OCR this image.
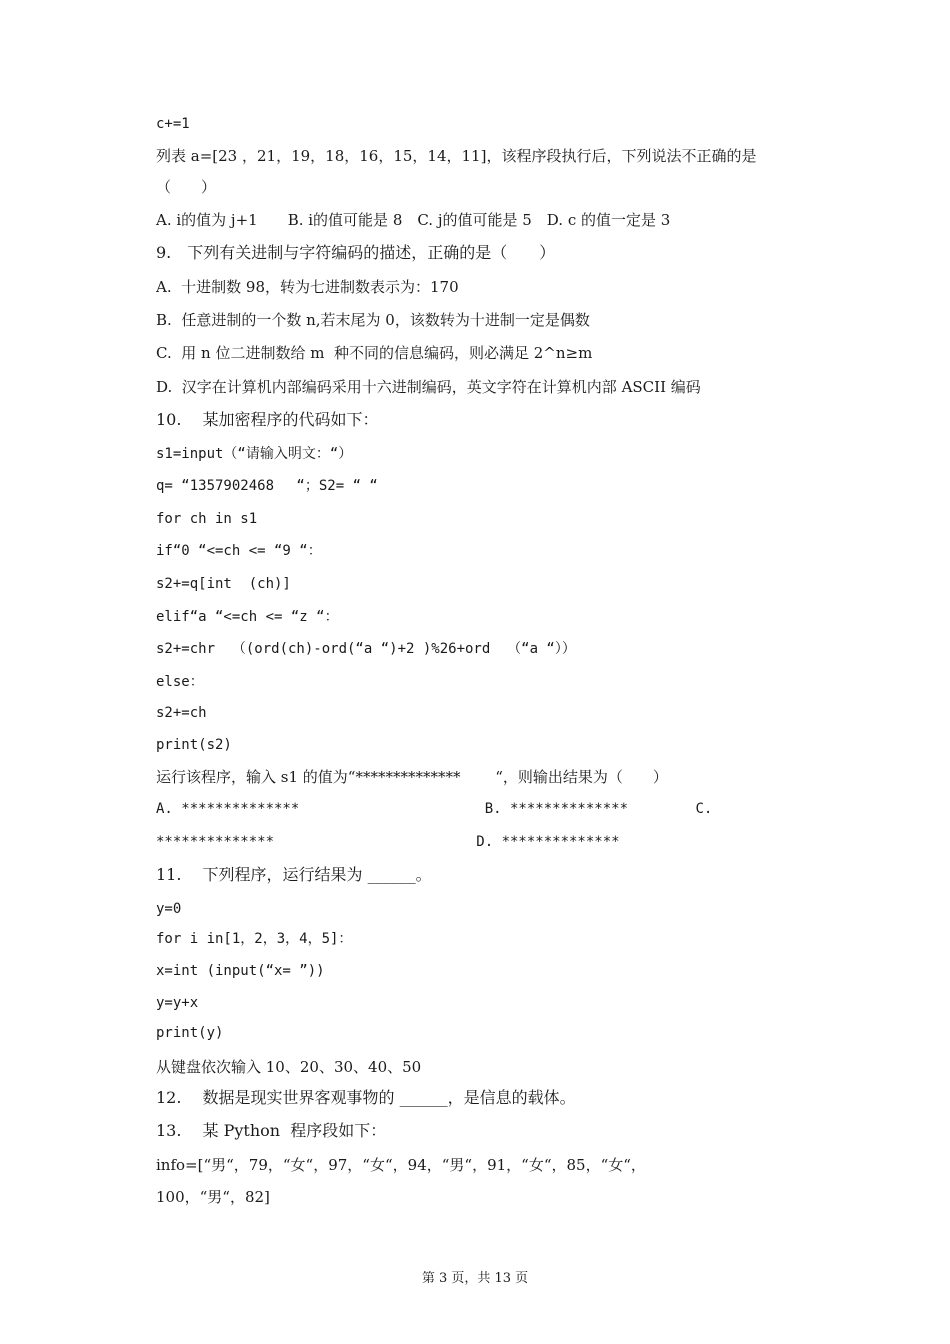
c+=1
列表 a=[23 ，21，19，18，16，15，14，11]，该程序段执行后，下列说法不正确的是
（　　）
A. i的值为 j+1　　B. i的值可能是 8　C. j的值可能是 5　D. c 的值一定是 3
9.　下列有关进制与字符编码的描述，正确的是（　　）
A.  十进制数 98，转为七进制数表示为：170
B.  任意进制的一个数 n,若末尾为 0，该数转为十进制一定是偶数
C.  用 n 位二进制数给 m  种不同的信息编码，则必满足 2^n≥m
D.  汉字在计算机内部编码采用十六进制编码，英文字符在计算机内部 ASCII 编码
10.　 某加密程序的代码如下：
s1=input（“请输入明文：“）
q= “1357902468　 “；S2= “ “
for ch in s1
if“0 “<=ch <= “9 “：
s2+=q[int  (ch)]
elif“a “<=ch <= “z “：
s2+=chr  （(ord(ch)-ord(“a “)+2 )%26+ord  （“a “））
else：
s2+=ch
print(s2)
运行该程序，输入 s1 的值为“**************　　 “，则输出结果为（　　）
A. **************                      B. **************        C.
**************                        D. **************
11.　 下列程序，运行结果为 ______。
y=0
for i in[1，2，3，4，5]：
x=int (input(“x= ”))
y=y+x
print(y)
从键盘依次输入 10、20、30、40、50
12.　 数据是现实世界客观事物的 ______，是信息的载体。
13.　 某 Python  程序段如下：
info=[“男“，79，“女“，97，“女“，94，“男“，91，“女“，85，“女“，
100，“男“，82]
第 3 页，共 13 页
